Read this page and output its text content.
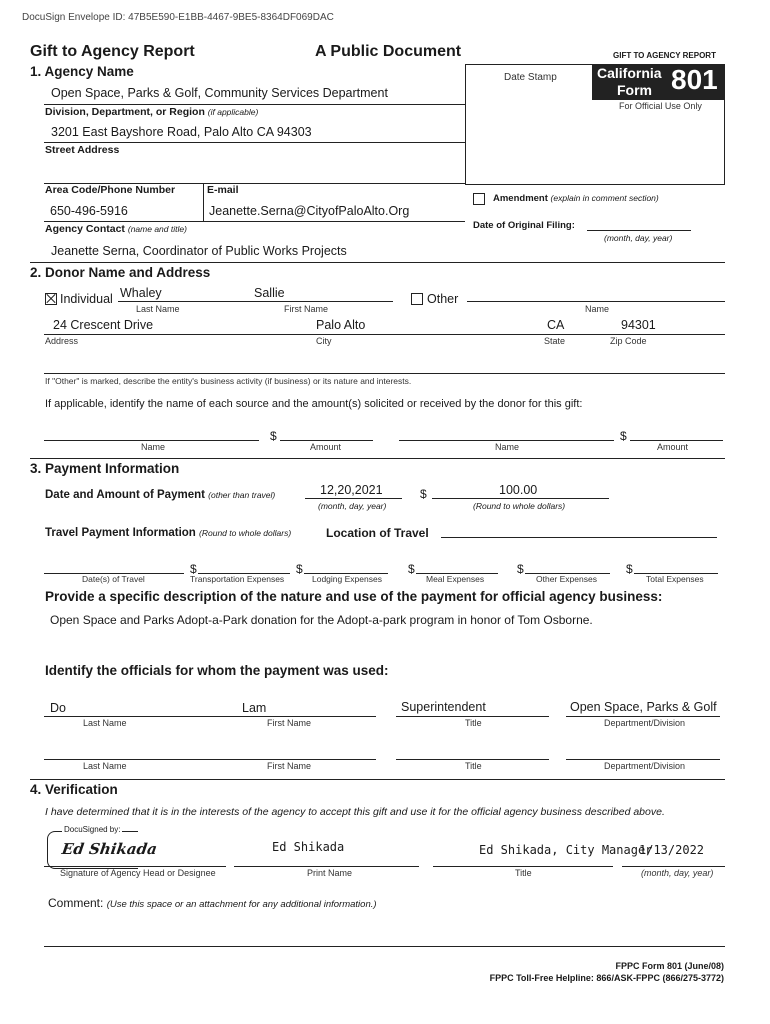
DocuSign Envelope ID: 47B5E590-E1BB-4467-9BE5-8364DF069DAC
Gift to Agency Report	A Public Document	GIFT TO AGENCY REPORT
1. Agency Name	Date Stamp	California
Form 801
For Official Use Only
Open Space, Parks & Golf, Community Services Department
Division, Department, or Region (if applicable)
3201 East Bayshore Road, Palo Alto CA 94303
Street Address
Area Code/Phone Number	E-mail
650-496-5916	Jeanette.Serna@CityofPaloAlto.Org
Agency Contact (name and title)
Amendment (explain in comment section)
Date of Original Filing:
(month, day, year)
Jeanette Serna, Coordinator of Public Works Projects
2. Donor Name and Address
Individual Whaley	Sallie
Last Name	First Name
Other
Name
24 Crescent Drive	Palo Alto	CA	94301
Address	City	State	Zip Code
If "Other" is marked, describe the entity's business activity (if business) or its nature and interests.
If applicable, identify the name of each source and the amount(s) solicited or received by the donor for this gift:
$
Name	Amount
$
Name	Amount
3. Payment Information
Date and Amount of Payment (other than travel)	12,20,2021
(month, day, year)
$	100.00
(Round to whole dollars)
Travel Payment Information (Round to whole dollars)	Location of Travel
$	$	$	$	$
Date(s) of Travel	Transportation Expenses	Lodging Expenses	Meal Expenses	Other Expenses	Total Expenses
Provide a specific description of the nature and use of the payment for official agency business:
Open Space and Parks Adopt-a-Park donation for the Adopt-a-park program in honor of Tom Osborne.
Identify the officials for whom the payment was used:
Do	Lam	Superintendent	Open Space, Parks & Golf
Last Name	First Name	Title	Department/Division
Last Name	First Name	Title	Department/Division
4. Verification
I have determined that it is in the interests of the agency to accept this gift and use it for the official agency business described above.
DocuSigned by:
Ed Shikada	Ed Shikada	Ed Shikada, City Manager
1/13/2022
Signature of Agency Head or Designee	Print Name	Title	(month, day, year)
Comment: (Use this space or an attachment for any additional information.)
FPPC Form 801 (June/08)
FPPC Toll-Free Helpline: 866/ASK-FPPC (866/275-3772)
